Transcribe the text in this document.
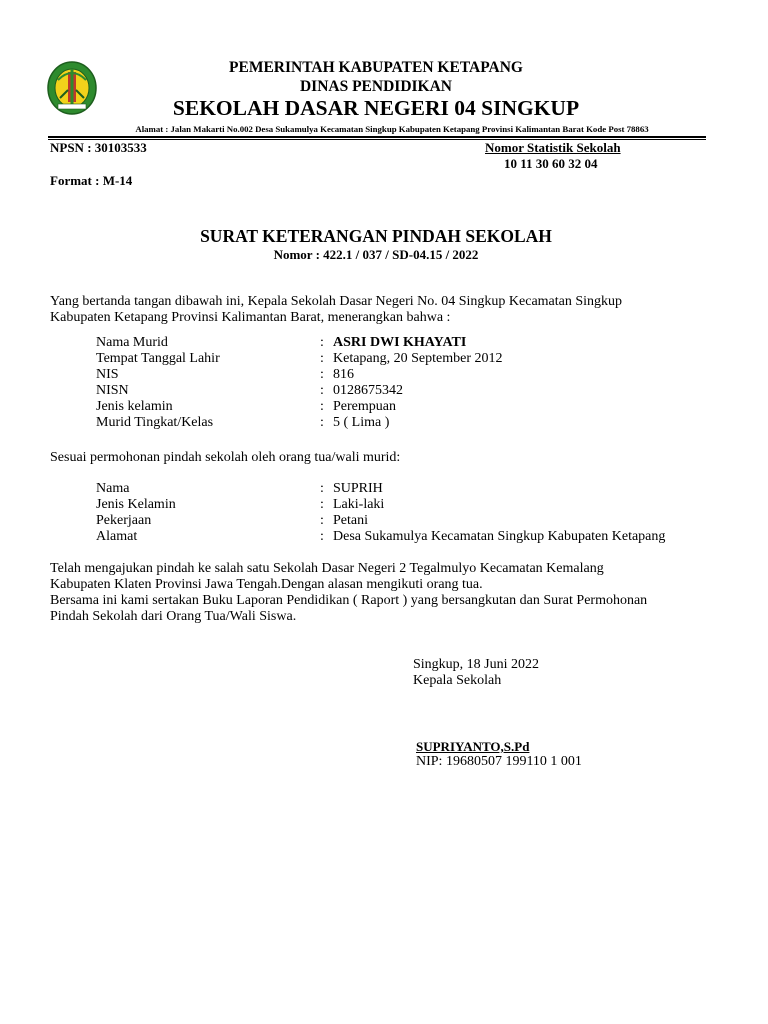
PEMERINTAH KABUPATEN KETAPANG
DINAS PENDIDIKAN
SEKOLAH DASAR NEGERI 04 SINGKUP
Alamat : Jalan Makarti No.002 Desa Sukamulya Kecamatan Singkup Kabupaten Ketapang Provinsi Kalimantan Barat Kode Post 78863
NPSN : 30103533	Nomor Statistik Sekolah
10 11 30 60 32 04
Format : M-14
SURAT KETERANGAN PINDAH SEKOLAH
Nomor : 422.1 / 037 / SD-04.15 / 2022
Yang bertanda tangan dibawah ini, Kepala Sekolah Dasar Negeri No. 04 Singkup Kecamatan Singkup
Kabupaten Ketapang Provinsi Kalimantan Barat, menerangkan bahwa :
Nama Murid	: ASRI DWI KHAYATI
Tempat Tanggal Lahir	: Ketapang, 20 September 2012
NIS	: 816
NISN	: 0128675342
Jenis kelamin	: Perempuan
Murid Tingkat/Kelas	: 5 ( Lima )
Sesuai permohonan pindah sekolah oleh orang tua/wali murid:
Nama	: SUPRIH
Jenis Kelamin	: Laki-laki
Pekerjaan	: Petani
Alamat	: Desa Sukamulya Kecamatan Singkup Kabupaten Ketapang
Telah mengajukan pindah ke salah satu Sekolah Dasar Negeri 2 Tegalmulyo Kecamatan Kemalang
Kabupaten Klaten Provinsi Jawa Tengah.Dengan alasan mengikuti orang tua.
Bersama ini kami sertakan Buku Laporan Pendidikan ( Raport ) yang bersangkutan dan Surat Permohonan
Pindah Sekolah dari Orang Tua/Wali Siswa.
Singkup, 18 Juni 2022
Kepala Sekolah
SUPRIYANTO,S.Pd
NIP: 19680507 199110 1 001
